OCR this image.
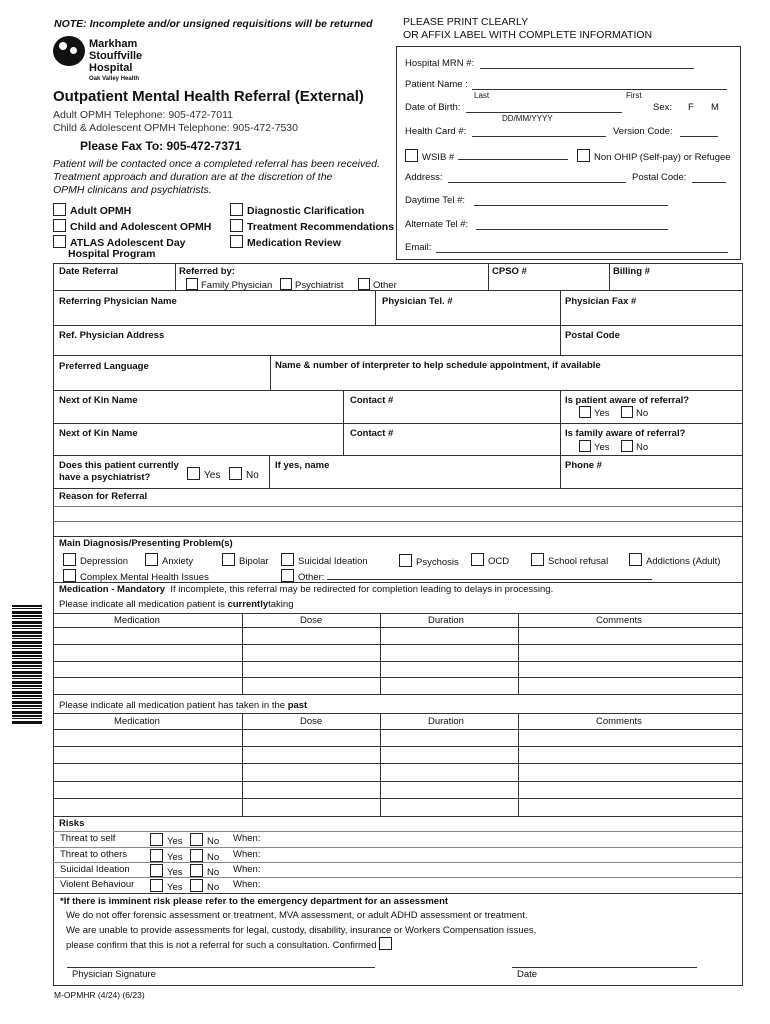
NOTE: Incomplete and/or unsigned requisitions will be returned	PLEASE PRINT CLEARLY
OR AFFIX LABEL WITH COMPLETE INFORMATION
Markham
Stouffville
Hospital
Oak Valley Health
Outpatient Mental Health Referral (External)
Adult OPMH Telephone: 905-472-7011
Child & Adolescent OPMH Telephone: 905-472-7530
Please Fax To: 905-472-7371
Patient will be contacted once a completed referral has been received.
Treatment approach and duration are at the discretion of the
OPMH clinicans and psychiatrists.
Adult OPMH
Child and Adolescent OPMH
ATLAS Adolescent Day
Hospital Program
Diagnostic Clarification
Treatment Recommendations
Medication Review
Hospital MRN #:
Patient Name :
Last	First
Date of Birth:
DD/MM/YYYY
Sex: F M
Health Card #:	Version Code:
WSIB #	Non OHIP (Self-pay) or Refugee
Address:	Postal Code:
Daytime Tel #:
Alternate Tel #:
Email:
Date Referral	Referred by:
Family Physician	Psychiatrist	Other
CPSO #	Billing #
Referring Physician Name	Physician Tel. #	Physician Fax #
Ref. Physician Address	Postal Code
Preferred Language	Name & number of interpreter to help schedule appointment, if available
Next of Kin Name	Contact #	Is patient aware of referral?
Yes	No
Next of Kin Name	Contact #	Is family aware of referral?
Yes	No
Does this patient currently
have a psychiatrist?	Yes	No
If yes, name	Phone #
Reason for Referral
Main Diagnosis/Presenting Problem(s)
Depression	Anxiety	Bipolar	Suicidal Ideation	Psychosis	OCD	School refusal	Addictions (Adult)
Complex Mental Health Issues	Other:
Medication - Mandatory If incomplete, this referral may be redirected for completion leading to delays in processing.
Please indicate all medication patient is currentlytaking
Medication	Dose	Duration	Comments
Please indicate all medication patient has taken in the past
Medication	Dose	Duration	Comments
Risks
Threat to self	Yes	No When:
Threat to others	Yes	No When:
Suicidal Ideation	Yes	No When:
Violent Behaviour	Yes	No When:
*If there is imminent risk please refer to the emergency department for an assessment
We do not offer forensic assessment or treatment, MVA assessment, or adult ADHD assessment or treatment.
We are unable to provide assessments for legal, custody, disability, insurance or Workers Compensation issues,
please confirm that this is not a referral for such a consultation. Confirmed
Physician Signature	Date
M-OPMHR (4/24) (6/23)
